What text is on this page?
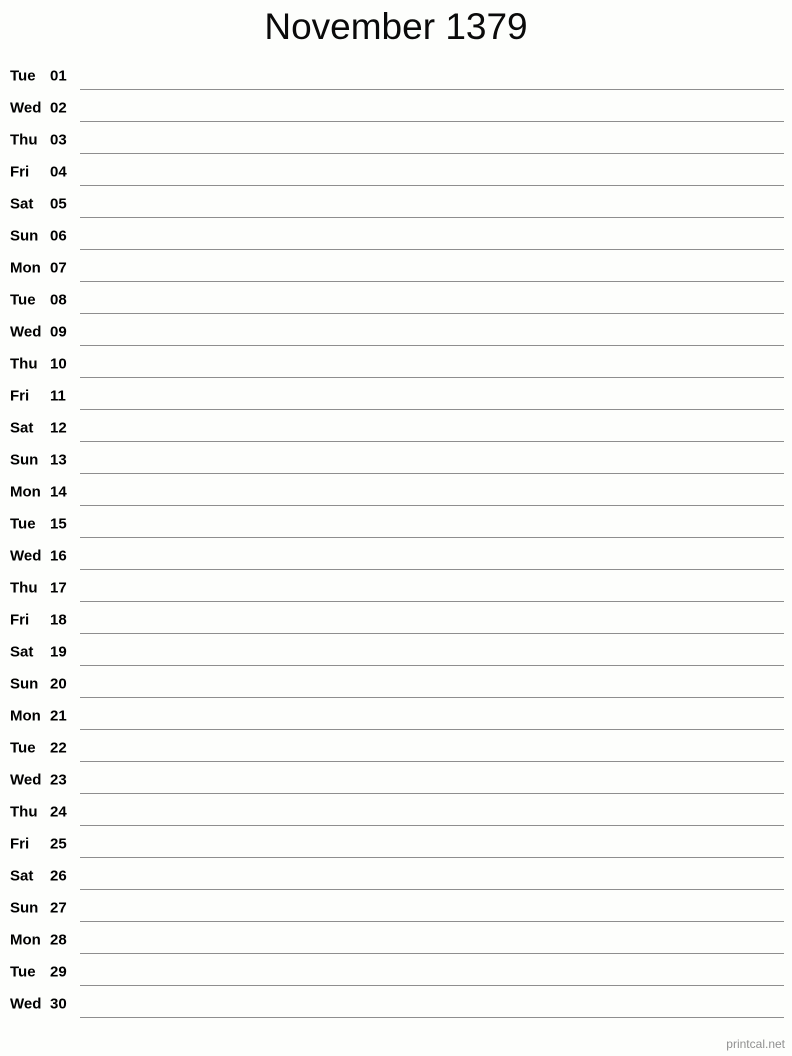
November 1379
Tue 01
Wed 02
Thu 03
Fri 04
Sat 05
Sun 06
Mon 07
Tue 08
Wed 09
Thu 10
Fri 11
Sat 12
Sun 13
Mon 14
Tue 15
Wed 16
Thu 17
Fri 18
Sat 19
Sun 20
Mon 21
Tue 22
Wed 23
Thu 24
Fri 25
Sat 26
Sun 27
Mon 28
Tue 29
Wed 30
printcal.net
